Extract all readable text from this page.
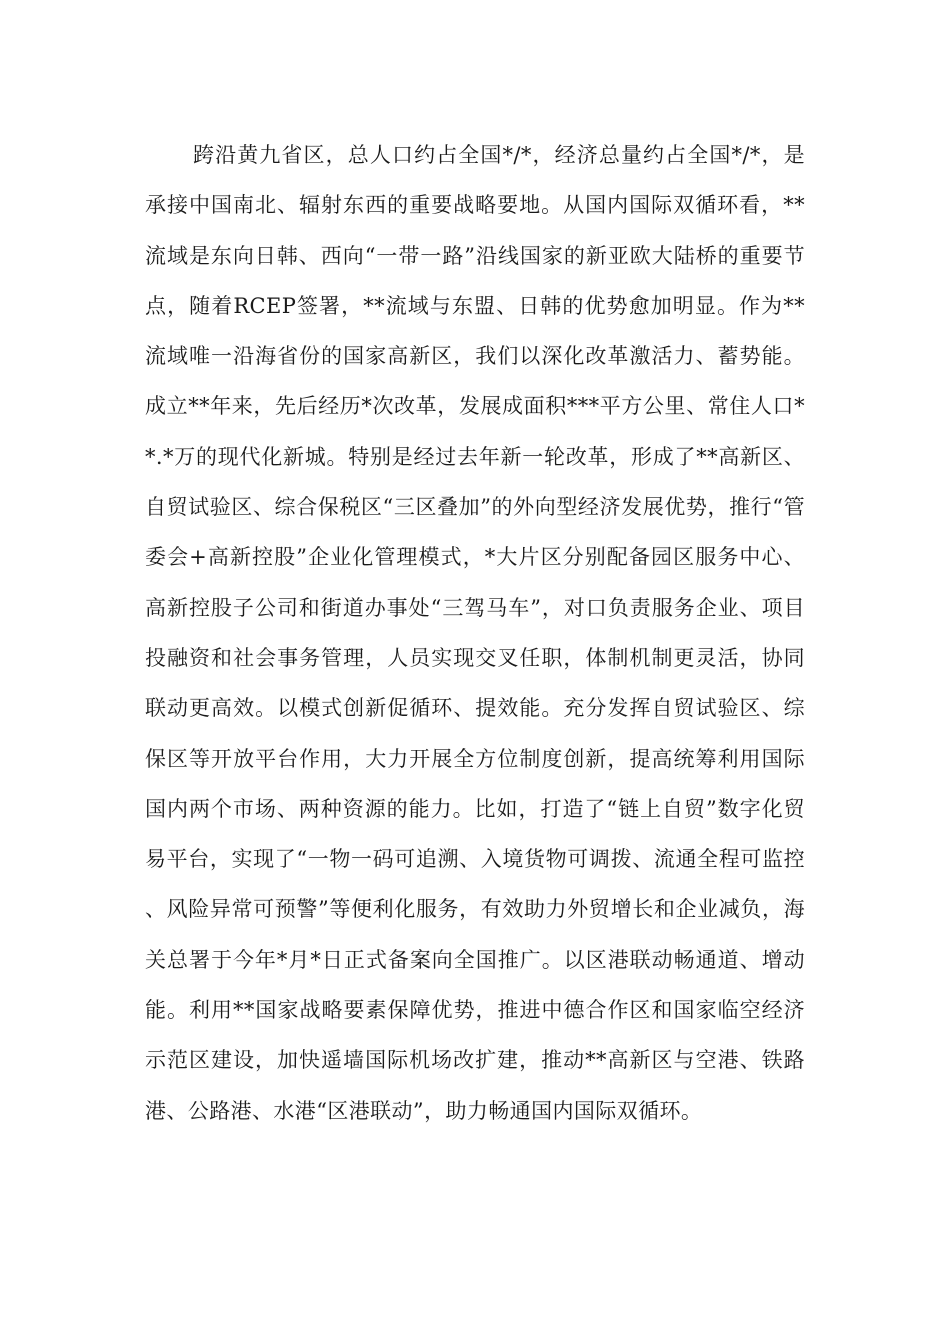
跨沿黄九省区，总人口约占全国*/*，经济总量约占全国*/*，是承接中国南北、辐射东西的重要战略要地。从国内国际双循环看，**流域是东向日韩、西向“一带一路”沿线国家的新亚欧大陆桥的重要节点，随着RCEP签署，**流域与东盟、日韩的优势愈加明显。作为**流域唯一沿海省份的国家高新区，我们以深化改革激活力、蓄势能。成立**年来，先后经历*次改革，发展成面积***平方公里、常住人口**.*万的现代化新城。特别是经过去年新一轮改革，形成了**高新区、自贸试验区、综合保税区“三区叠加”的外向型经济发展优势，推行“管委会+高新控股”企业化管理模式，*大片区分别配备园区服务中心、高新控股子公司和街道办事处“三驾马车”，对口负责服务企业、项目投融资和社会事务管理，人员实现交叉任职，体制机制更灵活，协同联动更高效。以模式创新促循环、提效能。充分发挥自贸试验区、综保区等开放平台作用，大力开展全方位制度创新，提高统筹利用国际国内两个市场、两种资源的能力。比如，打造了“链上自贸”数字化贸易平台，实现了“一物一码可追溯、入境货物可调拨、流通全程可监控、风险异常可预警”等便利化服务，有效助力外贸增长和企业减负，海关总署于今年*月*日正式备案向全国推广。以区港联动畅通道、增动能。利用**国家战略要素保障优势，推进中德合作区和国家临空经济示范区建设，加快遥墙国际机场改扩建，推动**高新区与空港、铁路港、公路港、水港“区港联动”，助力畅通国内国际双循环。
